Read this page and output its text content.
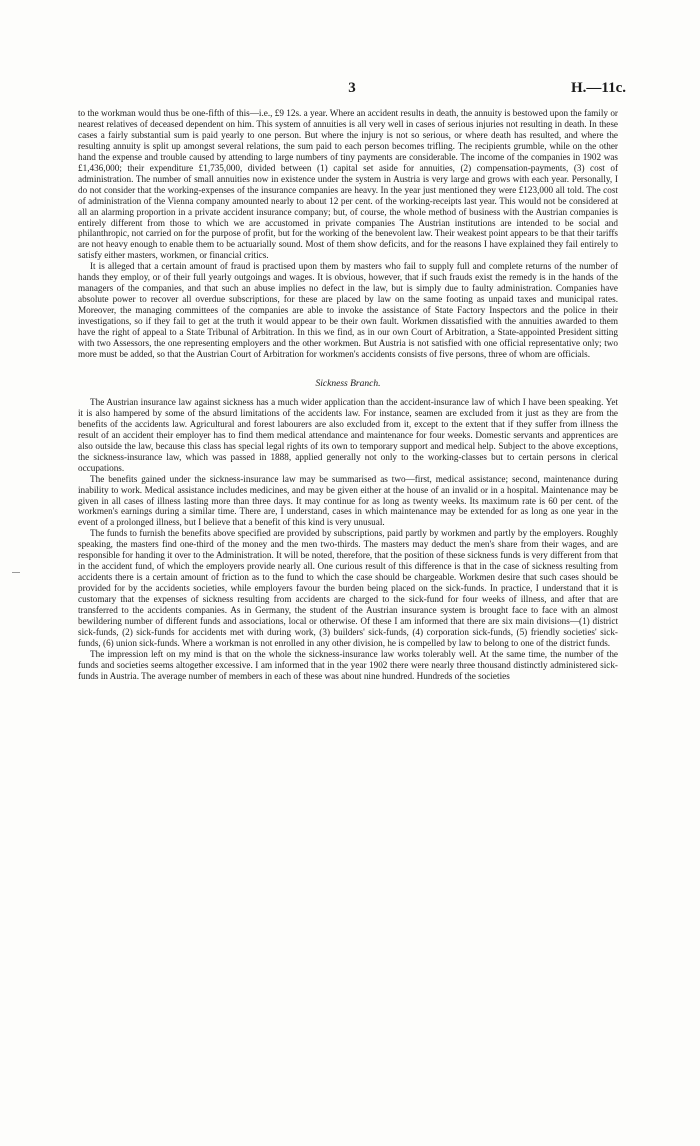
3	H.—11c.

to the workman would thus be one-fifth of this—i.e., £9 12s. a year. Where an accident results in death, the annuity is bestowed upon the family or nearest relatives of deceased dependent on him. This system of annuities is all very well in cases of serious injuries not resulting in death. In these cases a fairly substantial sum is paid yearly to one person. But where the injury is not so serious, or where death has resulted, and where the resulting annuity is split up amongst several relations, the sum paid to each person becomes trifling. The recipients grumble, while on the other hand the expense and trouble caused by attending to large numbers of tiny payments are considerable. The income of the companies in 1902 was £1,436,000; their expenditure £1,735,000, divided between (1) capital set aside for annuities, (2) compensation-payments, (3) cost of administration. The number of small annuities now in existence under the system in Austria is very large and grows with each year. Personally, I do not consider that the working-expenses of the insurance companies are heavy. In the year just mentioned they were £123,000 all told. The cost of administration of the Vienna company amounted nearly to about 12 per cent. of the working-receipts last year. This would not be considered at all an alarming proportion in a private accident insurance company; but, of course, the whole method of business with the Austrian companies is entirely different from those to which we are accustomed in private companies The Austrian institutions are intended to be social and philanthropic, not carried on for the purpose of profit, but for the working of the benevolent law. Their weakest point appears to be that their tariffs are not heavy enough to enable them to be actuarially sound. Most of them show deficits, and for the reasons I have explained they fail entirely to satisfy either masters, workmen, or financial critics.

It is alleged that a certain amount of fraud is practised upon them by masters who fail to supply full and complete returns of the number of hands they employ, or of their full yearly outgoings and wages. It is obvious, however, that if such frauds exist the remedy is in the hands of the managers of the companies, and that such an abuse implies no defect in the law, but is simply due to faulty administration. Companies have absolute power to recover all overdue subscriptions, for these are placed by law on the same footing as unpaid taxes and municipal rates. Moreover, the managing committees of the companies are able to invoke the assistance of State Factory Inspectors and the police in their investigations, so if they fail to get at the truth it would appear to be their own fault. Workmen dissatisfied with the annuities awarded to them have the right of appeal to a State Tribunal of Arbitration. In this we find, as in our own Court of Arbitration, a State-appointed President sitting with two Assessors, the one representing employers and the other workmen. But Austria is not satisfied with one official representative only; two more must be added, so that the Austrian Court of Arbitration for workmen's accidents consists of five persons, three of whom are officials.

Sickness Branch.

The Austrian insurance law against sickness has a much wider application than the accident-insurance law of which I have been speaking. Yet it is also hampered by some of the absurd limitations of the accidents law. For instance, seamen are excluded from it just as they are from the benefits of the accidents law. Agricultural and forest labourers are also excluded from it, except to the extent that if they suffer from illness the result of an accident their employer has to find them medical attendance and maintenance for four weeks. Domestic servants and apprentices are also outside the law, because this class has special legal rights of its own to temporary support and medical help. Subject to the above exceptions, the sickness-insurance law, which was passed in 1888, applied generally not only to the working-classes but to certain persons in clerical occupations.

The benefits gained under the sickness-insurance law may be summarised as two—first, medical assistance; second, maintenance during inability to work. Medical assistance includes medicines, and may be given either at the house of an invalid or in a hospital. Maintenance may be given in all cases of illness lasting more than three days. It may continue for as long as twenty weeks. Its maximum rate is 60 per cent. of the workmen's earnings during a similar time. There are, I understand, cases in which maintenance may be extended for as long as one year in the event of a prolonged illness, but I believe that a benefit of this kind is very unusual.

The funds to furnish the benefits above specified are provided by subscriptions, paid partly by workmen and partly by the employers. Roughly speaking, the masters find one-third of the money and the men two-thirds. The masters may deduct the men's share from their wages, and are responsible for handing it over to the Administration. It will be noted, therefore, that the position of these sickness funds is very different from that in the accident fund, of which the employers provide nearly all. One curious result of this difference is that in the case of sickness resulting from accidents there is a certain amount of friction as to the fund to which the case should be chargeable. Workmen desire that such cases should be provided for by the accidents societies, while employers favour the burden being placed on the sick-funds. In practice, I understand that it is customary that the expenses of sickness resulting from accidents are charged to the sick-fund for four weeks of illness, and after that are transferred to the accidents companies. As in Germany, the student of the Austrian insurance system is brought face to face with an almost bewildering number of different funds and associations, local or otherwise. Of these I am informed that there are six main divisions—(1) district sick-funds, (2) sick-funds for accidents met with during work, (3) builders' sick-funds, (4) corporation sick-funds, (5) friendly societies' sick-funds, (6) union sick-funds. Where a workman is not enrolled in any other division, he is compelled by law to belong to one of the district funds.

The impression left on my mind is that on the whole the sickness-insurance law works tolerably well. At the same time, the number of the funds and societies seems altogether excessive. I am informed that in the year 1902 there were nearly three thousand distinctly administered sick-funds in Austria. The average number of members in each of these was about nine hundred. Hundreds of the societies
